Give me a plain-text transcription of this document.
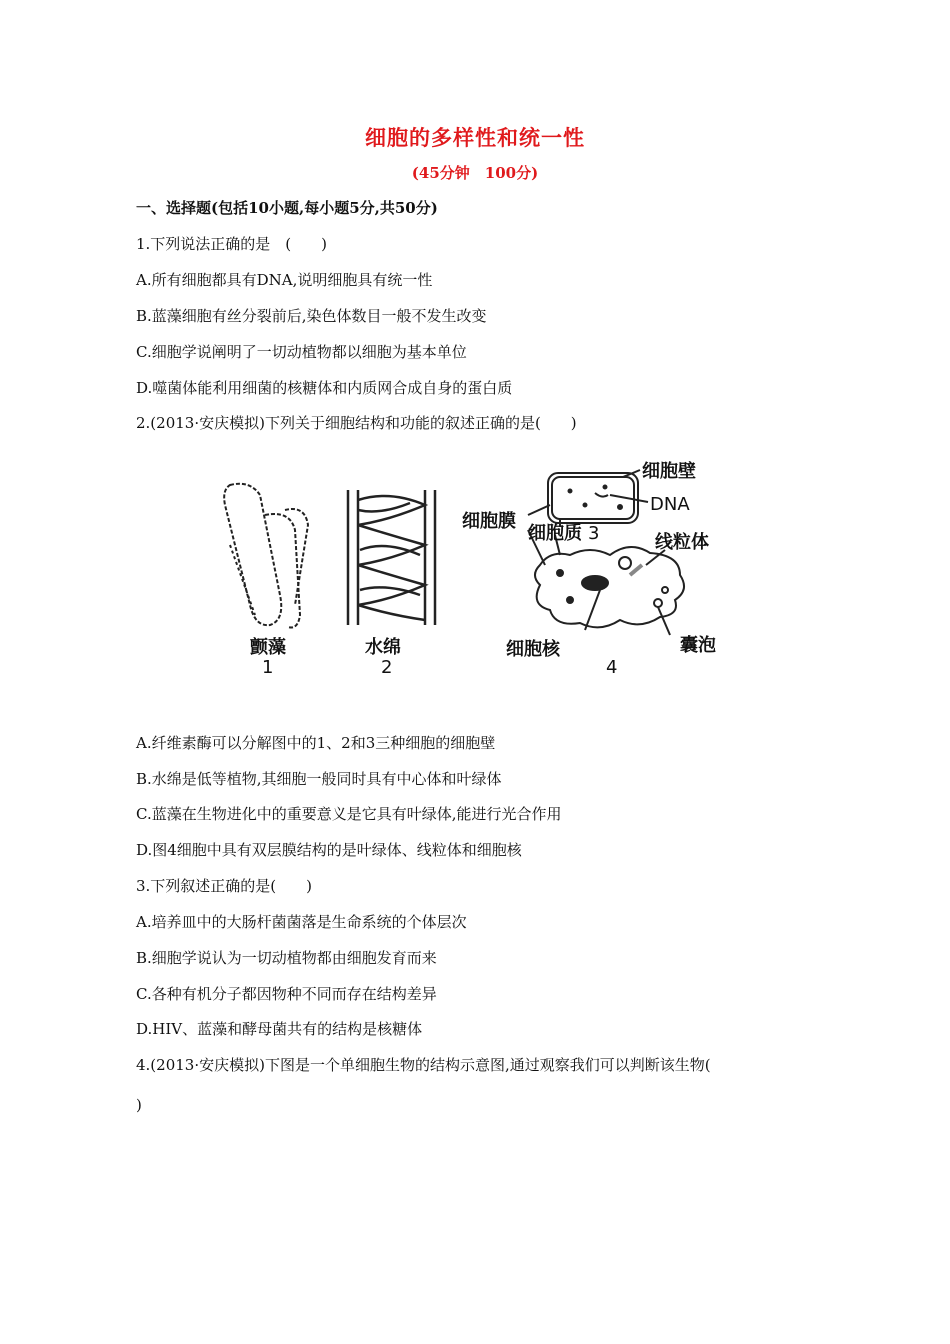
细胞的多样性和统一性
(45分钟　100分)
一、选择题(包括10小题,每小题5分,共50分)
1.下列说法正确的是　(　　)
A.所有细胞都具有DNA,说明细胞具有统一性
B.蓝藻细胞有丝分裂前后,染色体数目一般不发生改变
C.细胞学说阐明了一切动植物都以细胞为基本单位
D.噬菌体能利用细菌的核糖体和内质网合成自身的蛋白质
2.(2013·安庆模拟)下列关于细胞结构和功能的叙述正确的是(　　)
颤藻
1
水绵
2
细胞壁
DNA
细胞膜
细胞质 3	线粒体
细胞核	囊泡
4
A.纤维素酶可以分解图中的1、2和3三种细胞的细胞壁
B.水绵是低等植物,其细胞一般同时具有中心体和叶绿体
C.蓝藻在生物进化中的重要意义是它具有叶绿体,能进行光合作用
D.图4细胞中具有双层膜结构的是叶绿体、线粒体和细胞核
3.下列叙述正确的是(　　)
A.培养皿中的大肠杆菌菌落是生命系统的个体层次
B.细胞学说认为一切动植物都由细胞发育而来
C.各种有机分子都因物种不同而存在结构差异
D.HIV、蓝藻和酵母菌共有的结构是核糖体
4.(2013·安庆模拟)下图是一个单细胞生物的结构示意图,通过观察我们可以判断该生物(
)
